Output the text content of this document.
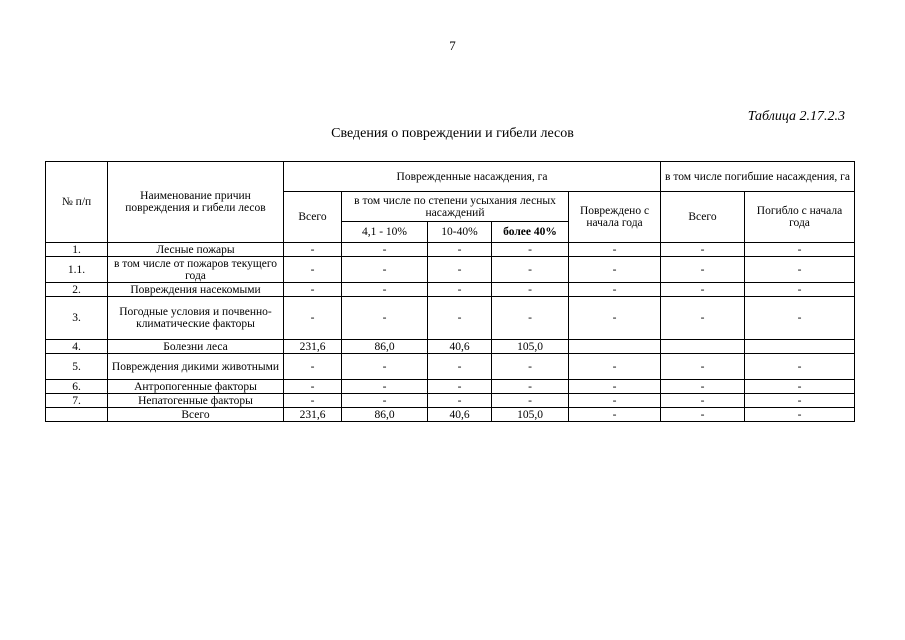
7
Таблица 2.17.2.3
Сведения о повреждении и гибели лесов
№ п/п	Наименование причин повреждения и гибели лесов	Поврежденные насаждения, га					в том числе погибшие насаждения, га	
		Всего	в том числе по степени усыхания лесных насаждений			Повреждено с начала года	Всего	Погибло с начала года
			4,1 - 10%	10-40%	более 40%			
1.	Лесные пожары	-	-	-	-	-	-	-
1.1.	в том числе от пожаров текущего года	-	-	-	-	-	-	-
2.	Повреждения насекомыми	-	-	-	-	-	-	-
3.	Погодные условия и почвенно-климатические факторы	-	-	-	-	-	-	-
4.	Болезни леса	231,6	86,0	40,6	105,0			
5.	Повреждения дикими животными	-	-	-	-	-	-	-
6.	Антропогенные факторы	-	-	-	-	-	-	-
7.	Непатогенные факторы	-	-	-	-	-	-	-
	Всего	231,6	86,0	40,6	105,0	-	-	-
